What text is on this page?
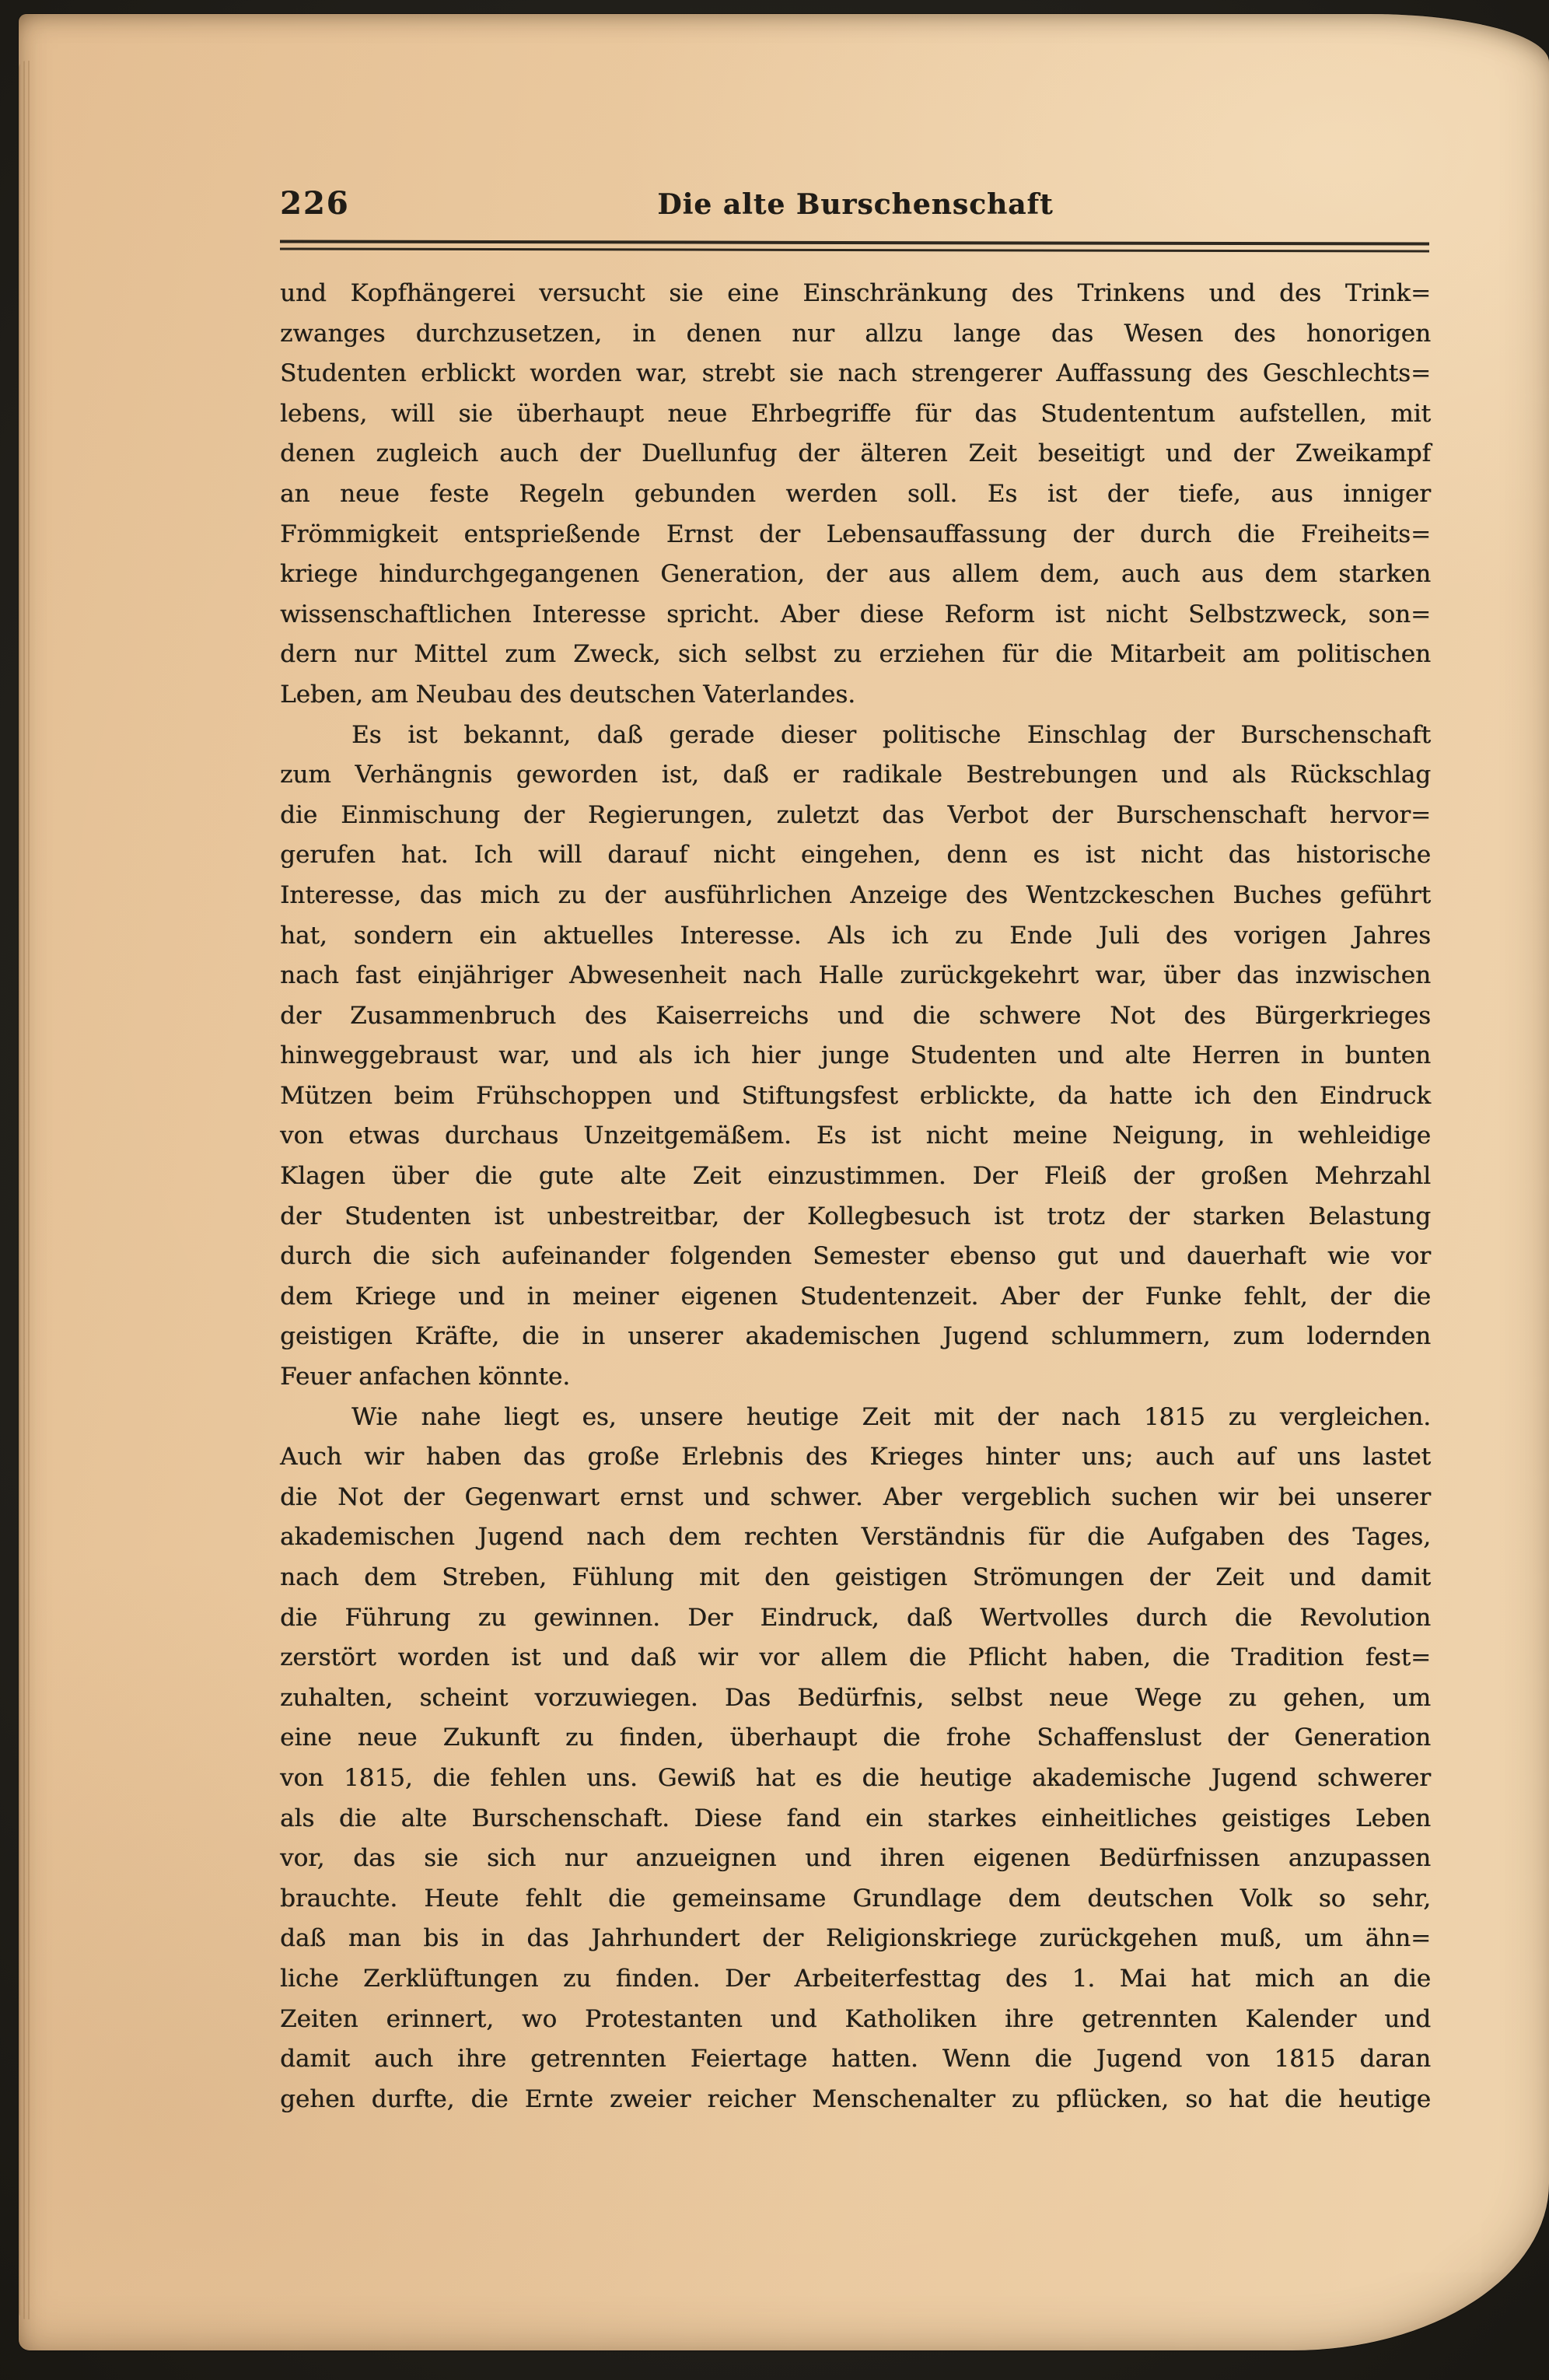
226	Die alte Burschenschaft
und Kopfhängerei versucht sie eine Einschränkung des Trinkens und des Trink=
zwanges durchzusetzen, in denen nur allzu lange das Wesen des honorigen
Studenten erblickt worden war, strebt sie nach strengerer Auffassung des Geschlechts=
lebens, will sie überhaupt neue Ehrbegriffe für das Studententum aufstellen, mit
denen zugleich auch der Duellunfug der älteren Zeit beseitigt und der Zweikampf
an neue feste Regeln gebunden werden soll. Es ist der tiefe, aus inniger
Frömmigkeit entsprießende Ernst der Lebensauffassung der durch die Freiheits=
kriege hindurchgegangenen Generation, der aus allem dem, auch aus dem starken
wissenschaftlichen Interesse spricht. Aber diese Reform ist nicht Selbstzweck, son=
dern nur Mittel zum Zweck, sich selbst zu erziehen für die Mitarbeit am politischen
Leben, am Neubau des deutschen Vaterlandes.
Es ist bekannt, daß gerade dieser politische Einschlag der Burschenschaft
zum Verhängnis geworden ist, daß er radikale Bestrebungen und als Rückschlag
die Einmischung der Regierungen, zuletzt das Verbot der Burschenschaft hervor=
gerufen hat. Ich will darauf nicht eingehen, denn es ist nicht das historische
Interesse, das mich zu der ausführlichen Anzeige des Wentzckeschen Buches geführt
hat, sondern ein aktuelles Interesse. Als ich zu Ende Juli des vorigen Jahres
nach fast einjähriger Abwesenheit nach Halle zurückgekehrt war, über das inzwischen
der Zusammenbruch des Kaiserreichs und die schwere Not des Bürgerkrieges
hinweggebraust war, und als ich hier junge Studenten und alte Herren in bunten
Mützen beim Frühschoppen und Stiftungsfest erblickte, da hatte ich den Eindruck
von etwas durchaus Unzeitgemäßem. Es ist nicht meine Neigung, in wehleidige
Klagen über die gute alte Zeit einzustimmen. Der Fleiß der großen Mehrzahl
der Studenten ist unbestreitbar, der Kollegbesuch ist trotz der starken Belastung
durch die sich aufeinander folgenden Semester ebenso gut und dauerhaft wie vor
dem Kriege und in meiner eigenen Studentenzeit. Aber der Funke fehlt, der die
geistigen Kräfte, die in unserer akademischen Jugend schlummern, zum lodernden
Feuer anfachen könnte.
Wie nahe liegt es, unsere heutige Zeit mit der nach 1815 zu vergleichen.
Auch wir haben das große Erlebnis des Krieges hinter uns; auch auf uns lastet
die Not der Gegenwart ernst und schwer. Aber vergeblich suchen wir bei unserer
akademischen Jugend nach dem rechten Verständnis für die Aufgaben des Tages,
nach dem Streben, Fühlung mit den geistigen Strömungen der Zeit und damit
die Führung zu gewinnen. Der Eindruck, daß Wertvolles durch die Revolution
zerstört worden ist und daß wir vor allem die Pflicht haben, die Tradition fest=
zuhalten, scheint vorzuwiegen. Das Bedürfnis, selbst neue Wege zu gehen, um
eine neue Zukunft zu finden, überhaupt die frohe Schaffenslust der Generation
von 1815, die fehlen uns. Gewiß hat es die heutige akademische Jugend schwerer
als die alte Burschenschaft. Diese fand ein starkes einheitliches geistiges Leben
vor, das sie sich nur anzueignen und ihren eigenen Bedürfnissen anzupassen
brauchte. Heute fehlt die gemeinsame Grundlage dem deutschen Volk so sehr,
daß man bis in das Jahrhundert der Religionskriege zurückgehen muß, um ähn=
liche Zerklüftungen zu finden. Der Arbeiterfesttag des 1. Mai hat mich an die
Zeiten erinnert, wo Protestanten und Katholiken ihre getrennten Kalender und
damit auch ihre getrennten Feiertage hatten. Wenn die Jugend von 1815 daran
gehen durfte, die Ernte zweier reicher Menschenalter zu pflücken, so hat die heutige
